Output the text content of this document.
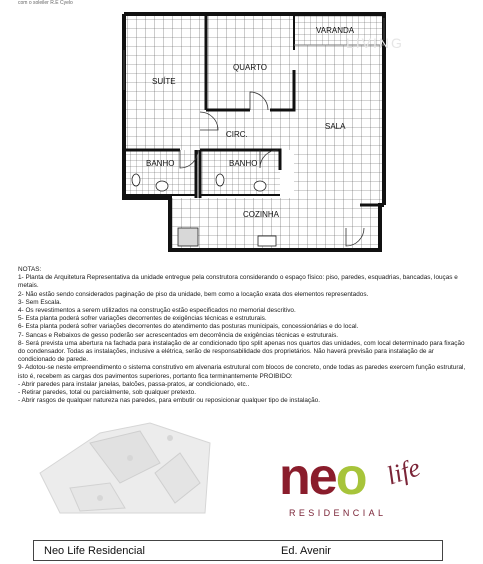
com o soleiler R.E Cyelo
LIVING
VARANDA
QUARTO
SUÍTE
CIRC.
SALA
BANHO	BANHO
COZINHA
NOTAS:
1- Planta de Arquitetura Representativa da unidade entregue pela construtora considerando o espaço físico: piso, paredes, esquadrias, bancadas, louças e metais.
2- Não estão sendo considerados paginação de piso da unidade, bem como a locação exata dos elementos representados.
3- Sem Escala.
4- Os revestimentos a serem utilizados na construção estão especificados no memorial descritivo.
5- Esta planta poderá sofrer variações decorrentes de exigências técnicas e estruturais.
6- Esta planta poderá sofrer variações decorrentes do atendimento das posturas municipais, concessionárias e do local.
7- Sancas e Rebaixos de gesso poderão ser acrescentados em decorrência de exigências técnicas e estruturais.
8- Será prevista uma abertura na fachada para instalação de ar condicionado tipo split apenas nos quartos das unidades, com local determinado para fixação do condensador. Todas as instalações, inclusive a elétrica, serão de responsabilidade dos proprietários. Não haverá previsão para instalação de ar condicionado de parede.
9- Adotou-se neste empreendimento o sistema construtivo em alvenaria estrutural com blocos de concreto, onde todas as paredes exercem função estrutural, isto é, recebem as cargas dos pavimentos superiores, portanto fica terminantemente PROIBIDO:
- Abrir paredes para instalar janelas, balcões, passa-pratos, ar condicionado, etc..
- Retirar paredes, total ou parcialmente, sob qualquer pretexto.
- Abrir rasgos de qualquer natureza nas paredes, para embutir ou reposicionar qualquer tipo de instalação.
neo life
RESIDENCIAL
Neo Life Residencial	Ed. Avenir
